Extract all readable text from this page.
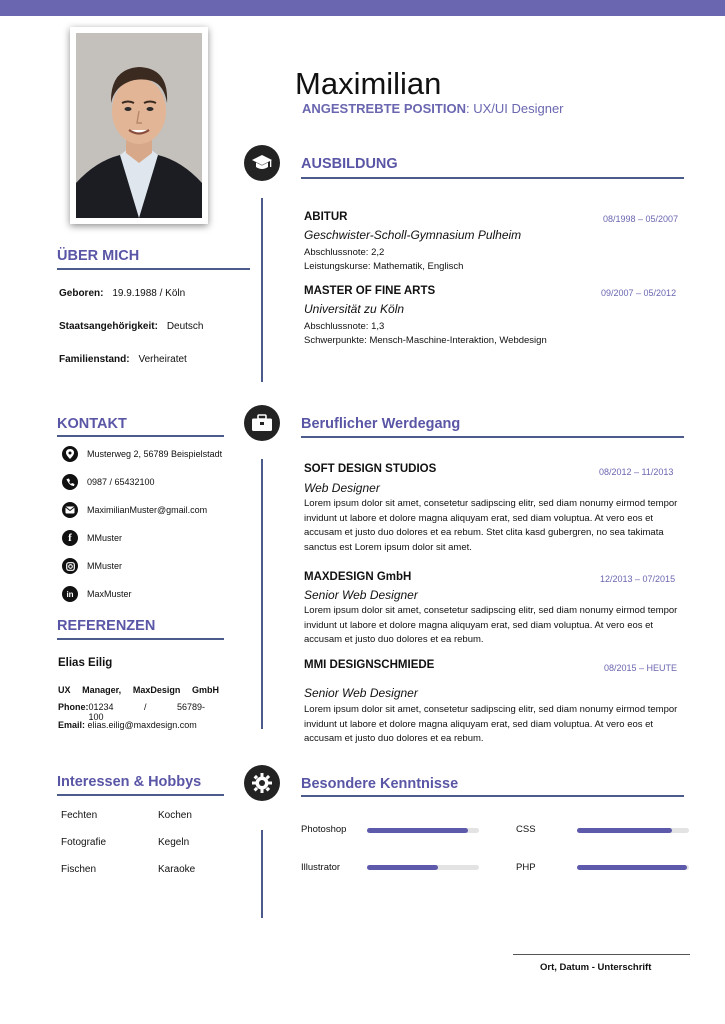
Maximilian
ANGESTREBTE POSITION: UX/UI Designer
ÜBER MICH
Geboren: 19.9.1988 / Köln
Staatsangehörigkeit: Deutsch
Familienstand: Verheiratet
KONTAKT
Musterweg 2, 56789 Beispielstadt
0987 / 65432100
MaximilianMuster@gmail.com
f	MMuster
MMuster
in	MaxMuster
REFERENZEN
Elias Eilig
UX Manager, MaxDesign GmbH
Phone: 01234 / 56789-100
Email: elias.eilig@maxdesign.com
Interessen & Hobbys
Fechten	Kochen
Fotografie	Kegeln
Fischen	Karaoke
AUSBILDUNG
ABITUR	08/1998 – 05/2007
Geschwister-Scholl-Gymnasium Pulheim
Abschlussnote: 2,2
Leistungskurse: Mathematik, Englisch
MASTER OF FINE ARTS	09/2007 – 05/2012
Universität zu Köln
Abschlussnote: 1,3
Schwerpunkte: Mensch-Maschine-Interaktion, Webdesign
Beruflicher Werdegang
SOFT DESIGN STUDIOS	08/2012 – 11/2013
Web Designer
Lorem ipsum dolor sit amet, consetetur sadipscing elitr, sed diam nonumy eirmod tempor invidunt ut labore et dolore magna aliquyam erat, sed diam voluptua. At vero eos et accusam et justo duo dolores et ea rebum. Stet clita kasd gubergren, no sea takimata sanctus est Lorem ipsum dolor sit amet.
MAXDESIGN GmbH	12/2013 – 07/2015
Senior Web Designer
Lorem ipsum dolor sit amet, consetetur sadipscing elitr, sed diam nonumy eirmod tempor invidunt ut labore et dolore magna aliquyam erat, sed diam voluptua. At vero eos et accusam et justo duo dolores et ea rebum.
MMI DESIGNSCHMIEDE	08/2015 – HEUTE
Senior Web Designer
Lorem ipsum dolor sit amet, consetetur sadipscing elitr, sed diam nonumy eirmod tempor invidunt ut labore et dolore magna aliquyam erat, sed diam voluptua. At vero eos et accusam et justo duo dolores et ea rebum.
Besondere Kenntnisse
Photoshop	CSS
Illustrator	PHP
Ort, Datum - Unterschrift
